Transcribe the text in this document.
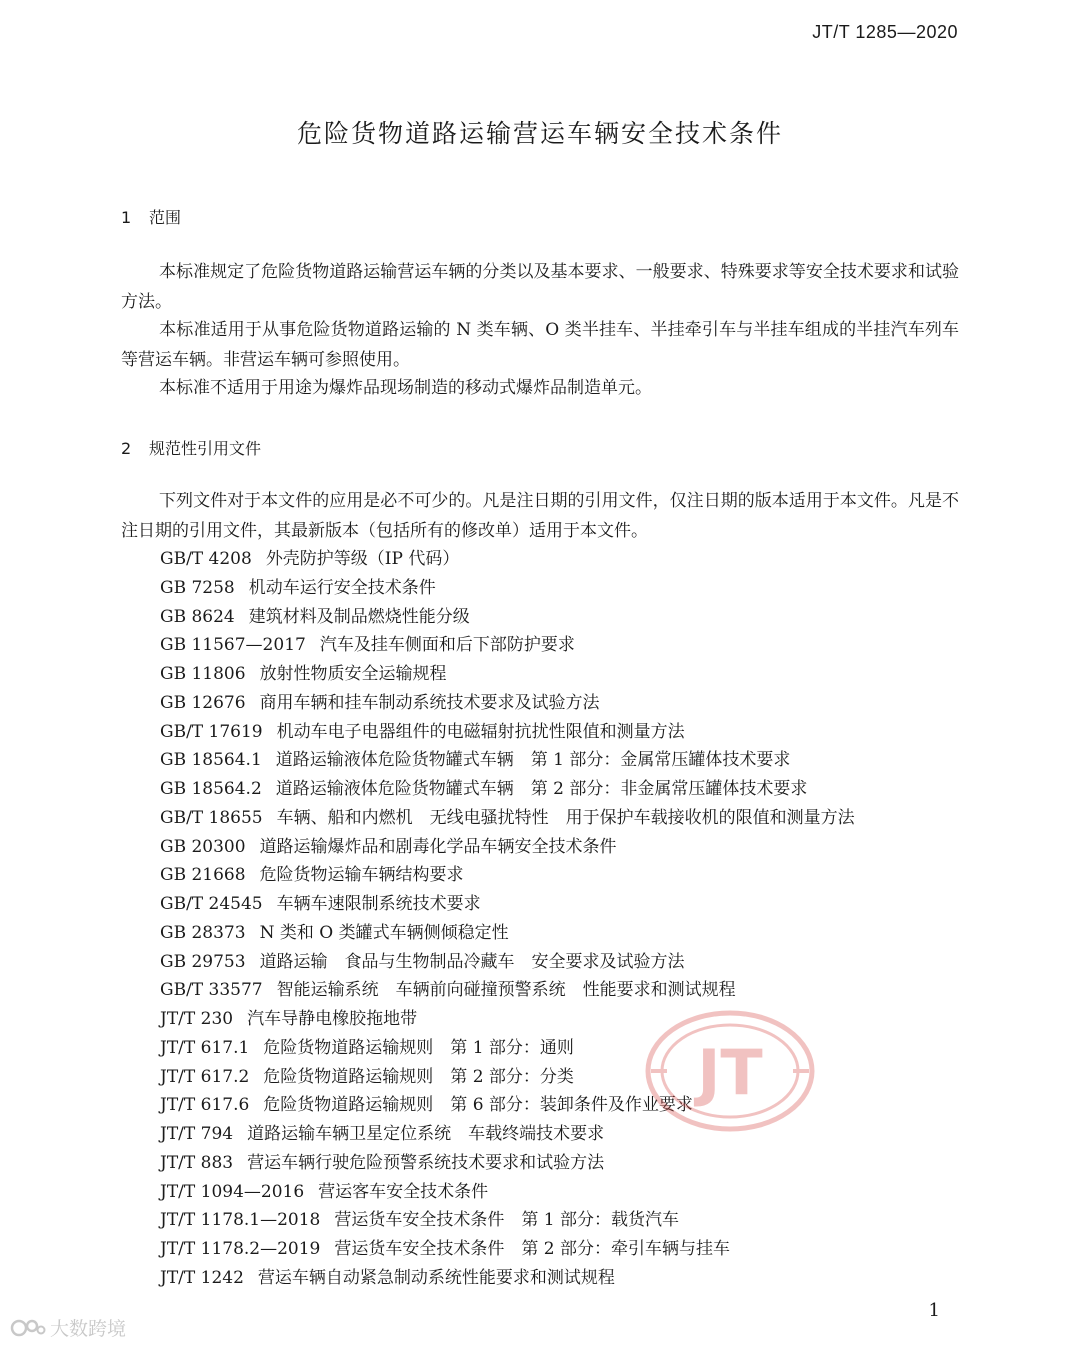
JT/T 1285—2020
危险货物道路运输营运车辆安全技术条件
1 范围
本标准规定了危险货物道路运输营运车辆的分类以及基本要求、一般要求、特殊要求等安全技术要求和试验方法。
本标准适用于从事危险货物道路运输的 N 类车辆、O 类半挂车、半挂牵引车与半挂车组成的半挂汽车列车等营运车辆。非营运车辆可参照使用。
本标准不适用于用途为爆炸品现场制造的移动式爆炸品制造单元。
2 规范性引用文件
下列文件对于本文件的应用是必不可少的。凡是注日期的引用文件，仅注日期的版本适用于本文件。凡是不注日期的引用文件，其最新版本（包括所有的修改单）适用于本文件。
GB/T 4208 外壳防护等级（IP 代码）
GB 7258 机动车运行安全技术条件
GB 8624 建筑材料及制品燃烧性能分级
GB 11567—2017 汽车及挂车侧面和后下部防护要求
GB 11806 放射性物质安全运输规程
GB 12676 商用车辆和挂车制动系统技术要求及试验方法
GB/T 17619 机动车电子电器组件的电磁辐射抗扰性限值和测量方法
GB 18564.1 道路运输液体危险货物罐式车辆　第 1 部分：金属常压罐体技术要求
GB 18564.2 道路运输液体危险货物罐式车辆　第 2 部分：非金属常压罐体技术要求
GB/T 18655 车辆、船和内燃机　无线电骚扰特性　用于保护车载接收机的限值和测量方法
GB 20300 道路运输爆炸品和剧毒化学品车辆安全技术条件
GB 21668 危险货物运输车辆结构要求
GB/T 24545 车辆车速限制系统技术要求
GB 28373 N 类和 O 类罐式车辆侧倾稳定性
GB 29753 道路运输　食品与生物制品冷藏车　安全要求及试验方法
GB/T 33577 智能运输系统　车辆前向碰撞预警系统　性能要求和测试规程
JT/T 230 汽车导静电橡胶拖地带
JT/T 617.1 危险货物道路运输规则　第 1 部分：通则
JT/T 617.2 危险货物道路运输规则　第 2 部分：分类
JT/T 617.6 危险货物道路运输规则　第 6 部分：装卸条件及作业要求
JT/T 794 道路运输车辆卫星定位系统　车载终端技术要求
JT/T 883 营运车辆行驶危险预警系统技术要求和试验方法
JT/T 1094—2016 营运客车安全技术条件
JT/T 1178.1—2018 营运货车安全技术条件　第 1 部分：载货汽车
JT/T 1178.2—2019 营运货车安全技术条件　第 2 部分：牵引车辆与挂车
JT/T 1242 营运车辆自动紧急制动系统性能要求和测试规程
JT
1
大数跨境
